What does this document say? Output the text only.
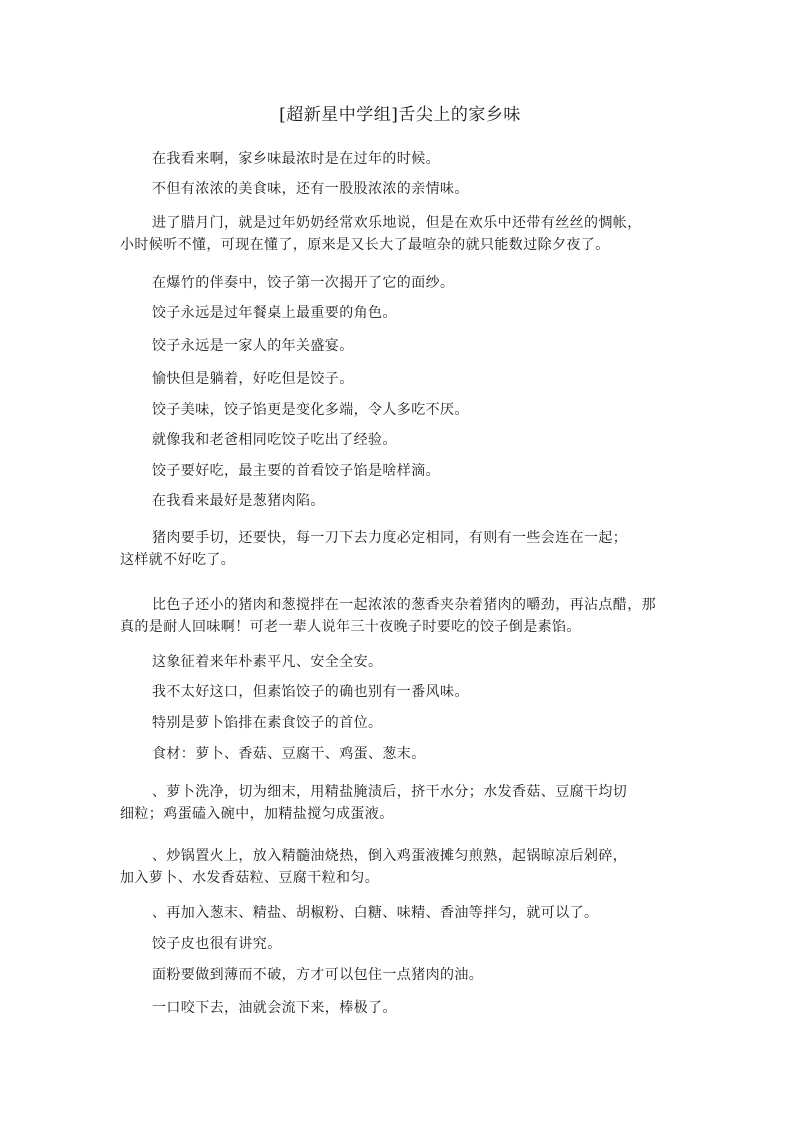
[超新星中学组]舌尖上的家乡味
在我看来啊，家乡味最浓时是在过年的时候。
不但有浓浓的美食味，还有一股股浓浓的亲情味。
进了腊月门，就是过年奶奶经常欢乐地说，但是在欢乐中还带有丝丝的惆帐，
小时候听不懂，可现在懂了，原来是又长大了最喧杂的就只能数过除夕夜了。
在爆竹的伴奏中，饺子第一次揭开了它的面纱。
饺子永远是过年餐桌上最重要的角色。
饺子永远是一家人的年关盛宴。
愉快但是躺着，好吃但是饺子。
饺子美味，饺子馅更是变化多端，令人多吃不厌。
就像我和老爸相同吃饺子吃出了经验。
饺子要好吃，最主要的首看饺子馅是啥样滴。
在我看来最好是葱猪肉陷。
猪肉要手切，还要快，每一刀下去力度必定相同，有则有一些会连在一起；
这样就不好吃了。
比色子还小的猪肉和葱搅拌在一起浓浓的葱香夹杂着猪肉的嚼劲，再沾点醋，那
真的是耐人回味啊！可老一辈人说年三十夜晚子时要吃的饺子倒是素馅。
这象征着来年朴素平凡、安全全安。
我不太好这口，但素馅饺子的确也别有一番风味。
特别是萝卜馅排在素食饺子的首位。
食材：萝卜、香菇、豆腐干、鸡蛋、葱末。
、萝卜洗净，切为细末，用精盐腌渍后，挤干水分；水发香菇、豆腐干均切
细粒；鸡蛋磕入碗中，加精盐搅匀成蛋液。
、炒锅置火上，放入精髓油烧热，倒入鸡蛋液摊匀煎熟，起锅晾凉后剁碎，
加入萝卜、水发香菇粒、豆腐干粒和匀。
、再加入葱末、精盐、胡椒粉、白糖、味精、香油等拌匀，就可以了。
饺子皮也很有讲究。
面粉要做到薄而不破，方才可以包住一点猪肉的油。
一口咬下去，油就会流下来，棒极了。
